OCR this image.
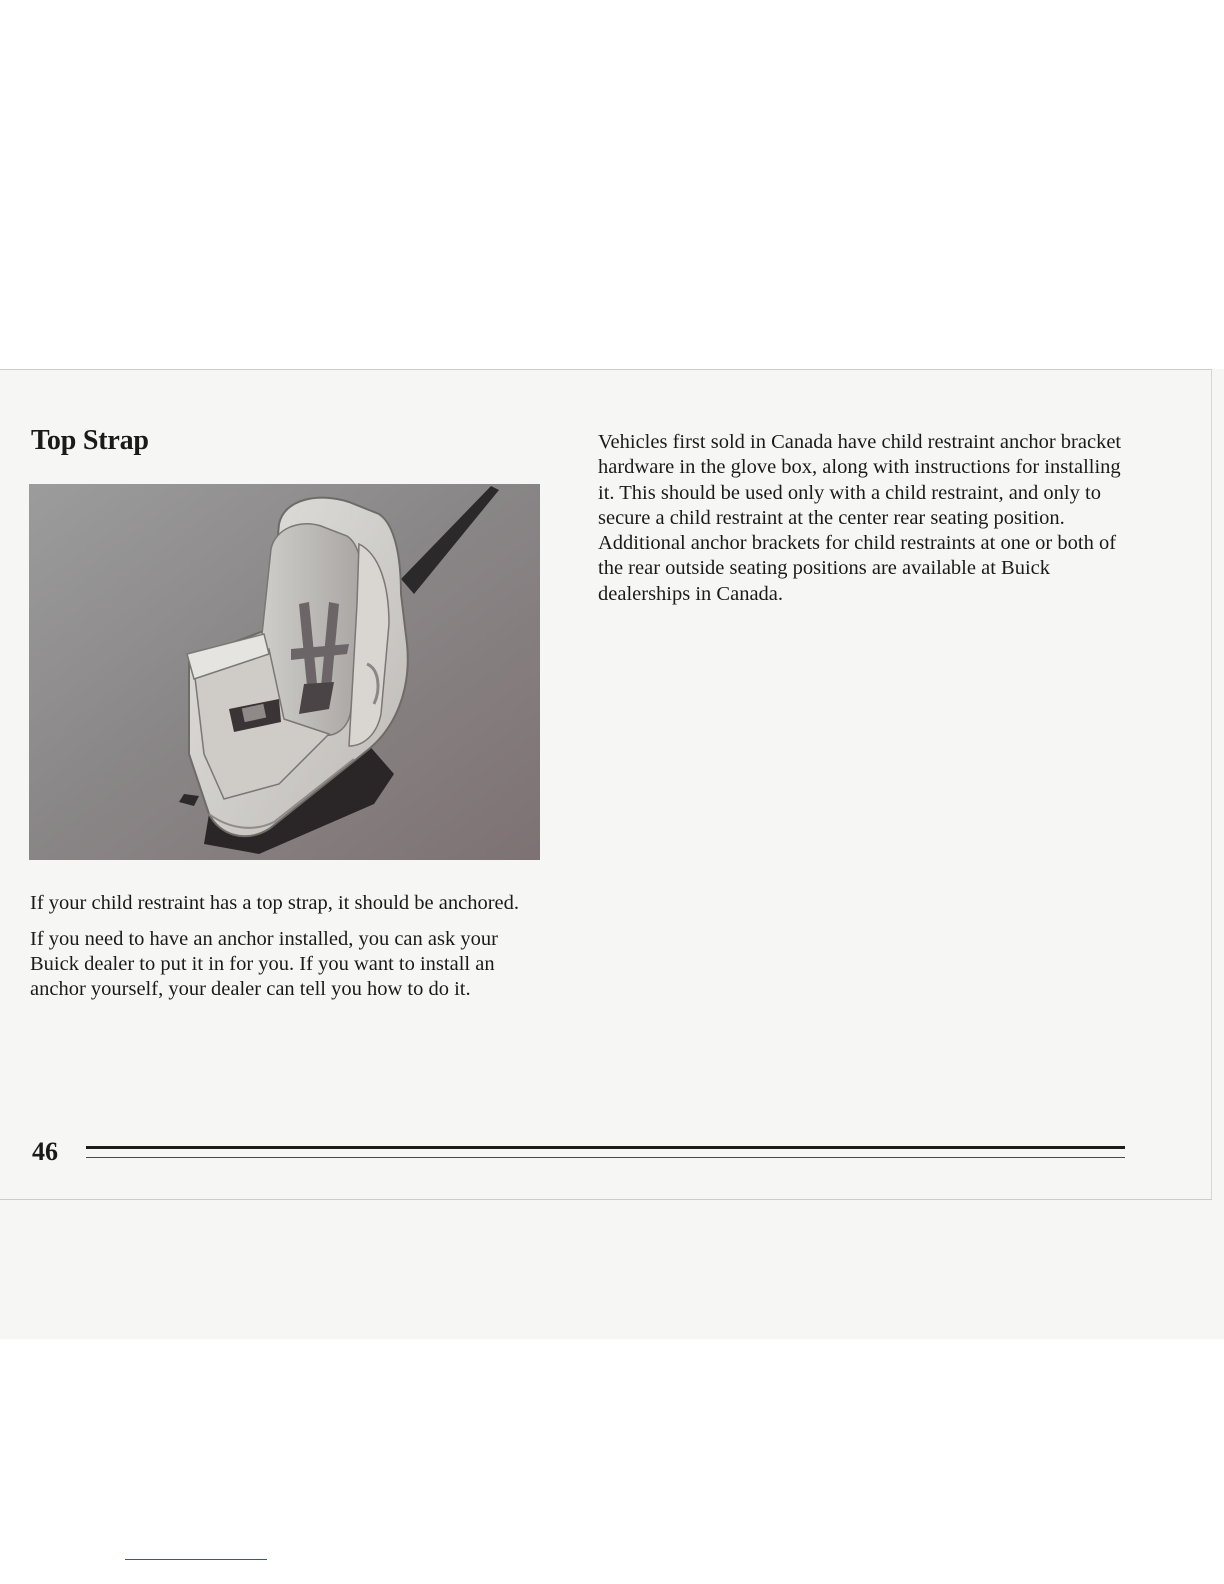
Top Strap

If your child restraint has a top strap, it should be anchored.

If you need to have an anchor installed, you can ask your Buick dealer to put it in for you. If you want to install an anchor yourself, your dealer can tell you how to do it.

Vehicles first sold in Canada have child restraint anchor bracket hardware in the glove box, along with instructions for installing it. This should be used only with a child restraint, and only to secure a child restraint at the center rear seating position. Additional anchor brackets for child restraints at one or both of the rear outside seating positions are available at Buick dealerships in Canada.

46
